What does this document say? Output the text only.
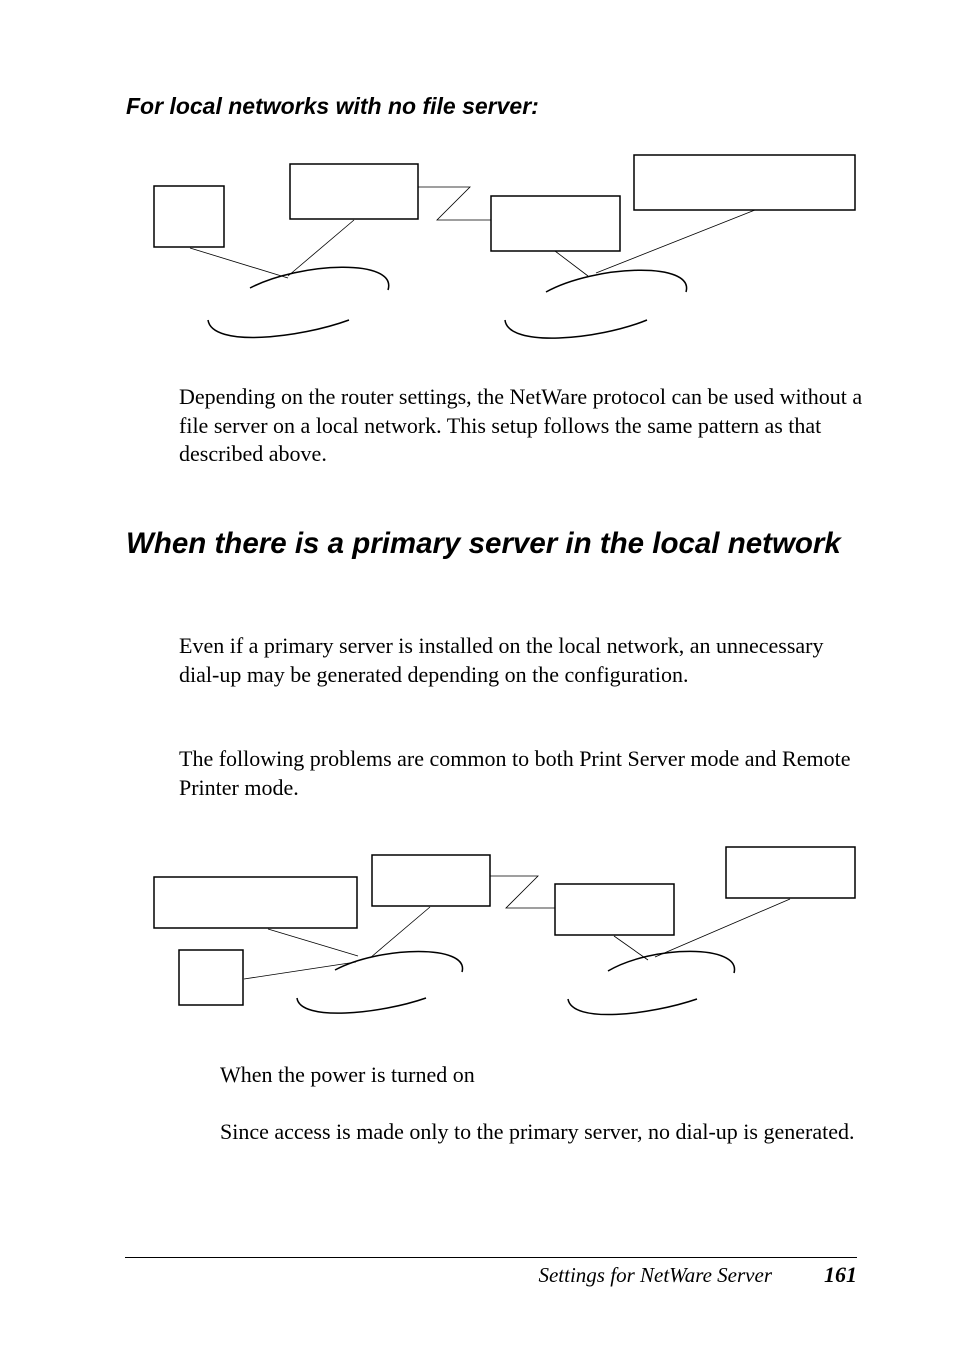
For local networks with no file server:

Depending on the router settings, the NetWare protocol can be used without a file server on a local network. This setup follows the same pattern as that described above.

When there is a primary server in the local network

Even if a primary server is installed on the local network, an unnecessary dial-up may be generated depending on the configuration.

The following problems are common to both Print Server mode and Remote Printer mode.

When the power is turned on

Since access is made only to the primary server, no dial-up is generated.

Settings for NetWare Server 161
